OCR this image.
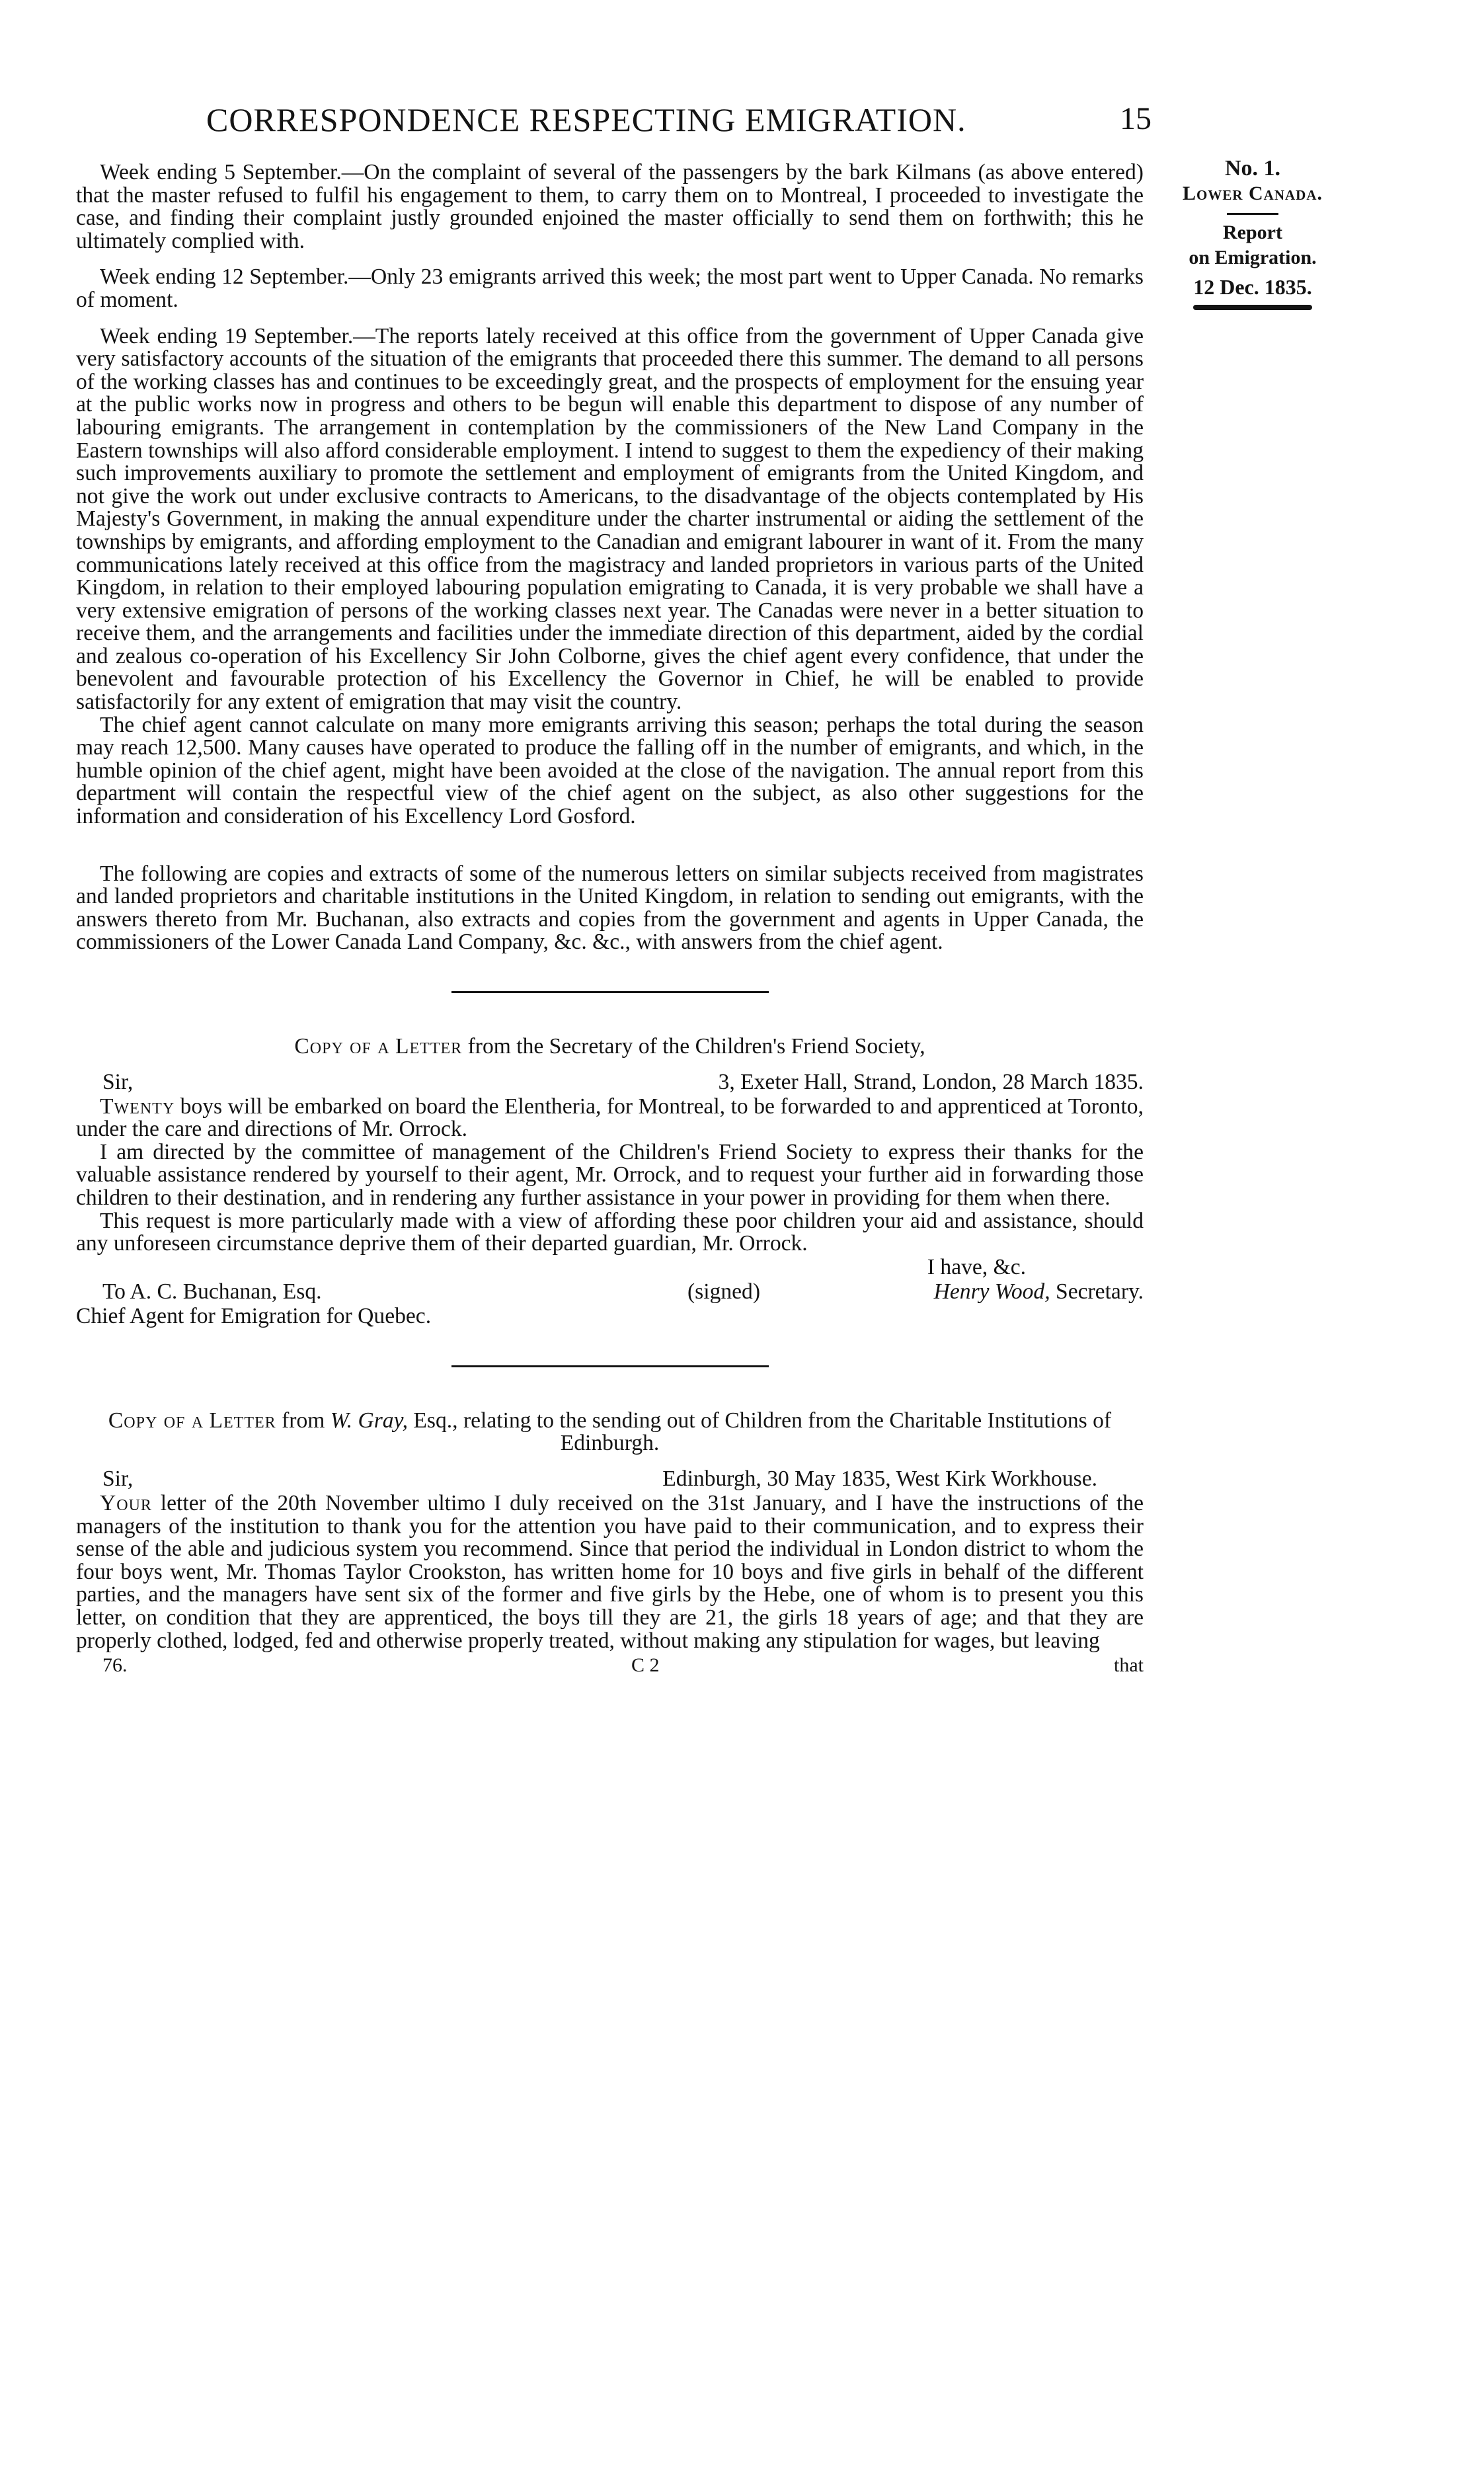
CORRESPONDENCE RESPECTING EMIGRATION.	15
No. 1.
Lower Canada.
Report
on Emigration.
12 Dec. 1835.

Week ending 5 September.—On the complaint of several of the passengers by the bark Kilmans (as above entered) that the master refused to fulfil his engagement to them, to carry them on to Montreal, I proceeded to investigate the case, and finding their complaint justly grounded enjoined the master officially to send them on forthwith; this he ultimately complied with.

Week ending 12 September.—Only 23 emigrants arrived this week; the most part went to Upper Canada. No remarks of moment.

Week ending 19 September.—The reports lately received at this office from the government of Upper Canada give very satisfactory accounts of the situation of the emigrants that proceeded there this summer. The demand to all persons of the working classes has and continues to be exceedingly great, and the prospects of employment for the ensuing year at the public works now in progress and others to be begun will enable this department to dispose of any number of labouring emigrants. The arrangement in contemplation by the commissioners of the New Land Company in the Eastern townships will also afford considerable employment. I intend to suggest to them the expediency of their making such improvements auxiliary to promote the settlement and employment of emigrants from the United Kingdom, and not give the work out under exclusive contracts to Americans, to the disadvantage of the objects contemplated by His Majesty's Government, in making the annual expenditure under the charter instrumental or aiding the settlement of the townships by emigrants, and affording employment to the Canadian and emigrant labourer in want of it. From the many communications lately received at this office from the magistracy and landed proprietors in various parts of the United Kingdom, in relation to their employed labouring population emigrating to Canada, it is very probable we shall have a very extensive emigration of persons of the working classes next year. The Canadas were never in a better situation to receive them, and the arrangements and facilities under the immediate direction of this department, aided by the cordial and zealous co-operation of his Excellency Sir John Colborne, gives the chief agent every confidence, that under the benevolent and favourable protection of his Excellency the Governor in Chief, he will be enabled to provide satisfactorily for any extent of emigration that may visit the country.

The chief agent cannot calculate on many more emigrants arriving this season; perhaps the total during the season may reach 12,500. Many causes have operated to produce the falling off in the number of emigrants, and which, in the humble opinion of the chief agent, might have been avoided at the close of the navigation. The annual report from this department will contain the respectful view of the chief agent on the subject, as also other suggestions for the information and consideration of his Excellency Lord Gosford.

The following are copies and extracts of some of the numerous letters on similar subjects received from magistrates and landed proprietors and charitable institutions in the United Kingdom, in relation to sending out emigrants, with the answers thereto from Mr. Buchanan, also extracts and copies from the government and agents in Upper Canada, the commissioners of the Lower Canada Land Company, &c. &c., with answers from the chief agent.

Copy of a Letter from the Secretary of the Children's Friend Society,

Sir,	3, Exeter Hall, Strand, London, 28 March 1835.

Twenty boys will be embarked on board the Elentheria, for Montreal, to be forwarded to and apprenticed at Toronto, under the care and directions of Mr. Orrock.

I am directed by the committee of management of the Children's Friend Society to express their thanks for the valuable assistance rendered by yourself to their agent, Mr. Orrock, and to request your further aid in forwarding those children to their destination, and in rendering any further assistance in your power in providing for them when there.

This request is more particularly made with a view of affording these poor children your aid and assistance, should any unforeseen circumstance deprive them of their departed guardian, Mr. Orrock.

I have, &c.
To A. C. Buchanan, Esq.	(signed)	Henry Wood, Secretary.
Chief Agent for Emigration for Quebec.

Copy of a Letter from W. Gray, Esq., relating to the sending out of Children from the Charitable Institutions of Edinburgh.

Sir,	Edinburgh, 30 May 1835, West Kirk Workhouse.

Your letter of the 20th November ultimo I duly received on the 31st January, and I have the instructions of the managers of the institution to thank you for the attention you have paid to their communication, and to express their sense of the able and judicious system you recommend. Since that period the individual in London district to whom the four boys went, Mr. Thomas Taylor Crookston, has written home for 10 boys and five girls in behalf of the different parties, and the managers have sent six of the former and five girls by the Hebe, one of whom is to present you this letter, on condition that they are apprenticed, the boys till they are 21, the girls 18 years of age; and that they are properly clothed, lodged, fed and otherwise properly treated, without making any stipulation for wages, but leaving

76.	C 2	that
